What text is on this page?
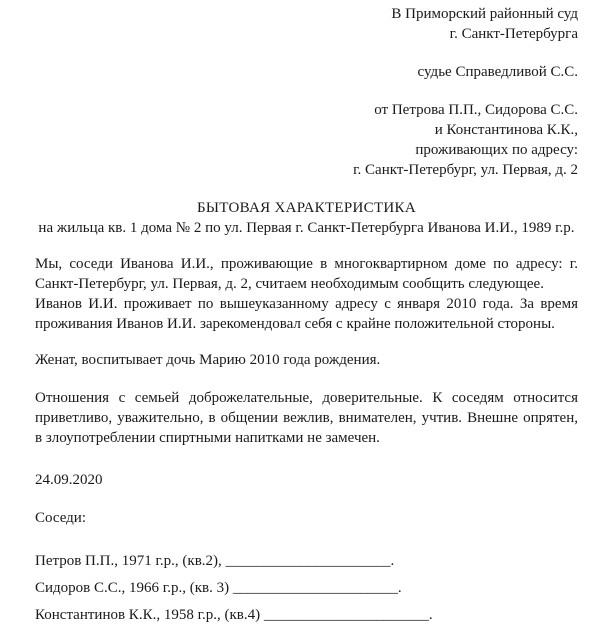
В Приморский районный суд

г. Санкт-Петербурга

судье Справедливой С.С.

от Петрова П.П., Сидорова С.С.

и Константинова К.К.,

проживающих по адресу:

г. Санкт-Петербург, ул. Первая, д. 2

БЫТОВАЯ ХАРАКТЕРИСТИКА

на жильца кв. 1 дома № 2 по ул. Первая г. Санкт-Петербурга Иванова И.И., 1989 г.р.

Мы, соседи Иванова И.И., проживающие в многоквартирном доме по адресу: г. Санкт-Петербург, ул. Первая, д. 2, считаем необходимым сообщить следующее.

Иванов И.И. проживает по вышеуказанному адресу с января 2010 года. За время проживания Иванов И.И. зарекомендовал себя с крайне положительной стороны.

Женат, воспитывает дочь Марию 2010 года рождения.

Отношения с семьей доброжелательные, доверительные. К соседям относится приветливо, уважительно, в общении вежлив, внимателен, учтив. Внешне опрятен, в злоупотреблении спиртными напитками не замечен.

24.09.2020

Соседи:

Петров П.П., 1971 г.р., (кв.2), ______________________.

Сидоров С.С., 1966 г.р., (кв. 3) ______________________.

Константинов К.К., 1958 г.р., (кв.4) ______________________.
